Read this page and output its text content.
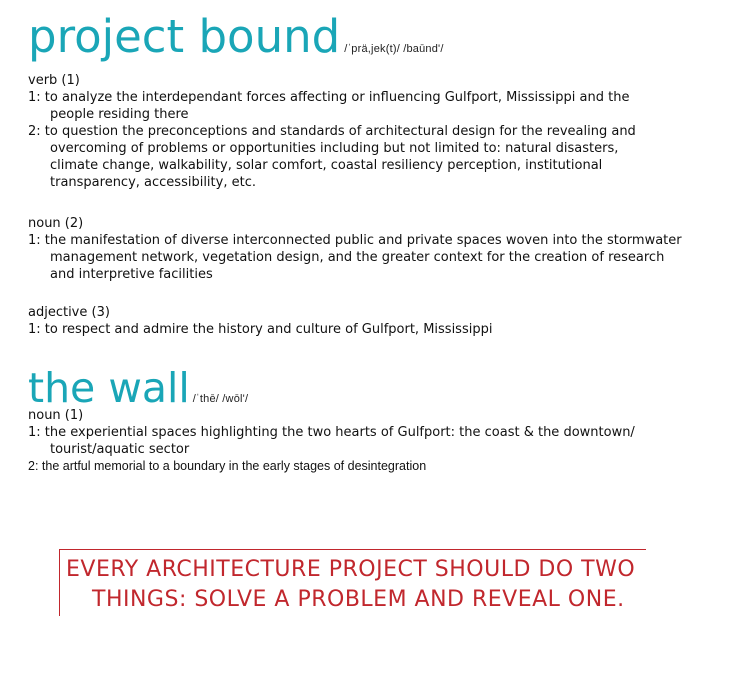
project bound /ˈprä,jek(t)/ /baūnd'/

verb (1)

1: to analyze the interdependant forces affecting or influencing Gulfport, Mississippi and the people residing there

2: to question the preconceptions and standards of architectural design for the revealing and overcoming of problems or opportunities including but not limited to: natural disasters, climate change, walkability, solar comfort, coastal resiliency perception, institutional transparency, accessibility, etc.

noun (2)

1: the manifestation of diverse interconnected public and private spaces woven into the stormwater management network, vegetation design, and the greater context for the creation of research and interpretive facilities

adjective (3)

1: to respect and admire the history and culture of Gulfport, Mississippi

the wall /ˈthē/ /wōl'/

noun (1)

1: the experiential spaces highlighting the two hearts of Gulfport: the coast & the downtown/ tourist/aquatic sector

2: the artful memorial to a boundary in the early stages of desintegration

EVERY ARCHITECTURE PROJECT SHOULD DO TWO
THINGS: SOLVE A PROBLEM AND REVEAL ONE.
